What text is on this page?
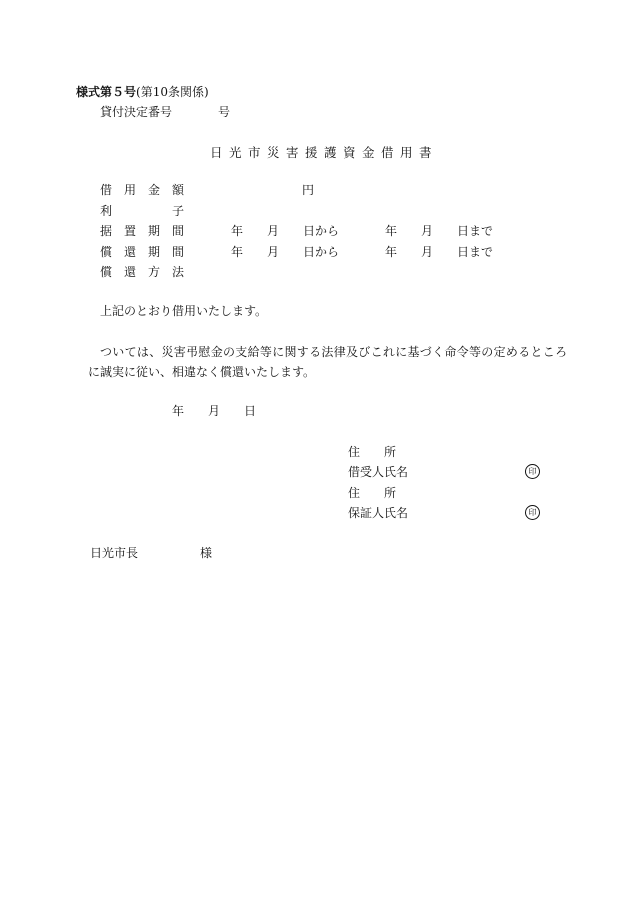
様式第５号(第10条関係)
貸付決定番号	号
日光市災害援護資金借用書
借用金額	円
利子
据置期間	年 月 日から	年 月 日まで
償還期間	年 月 日から	年 月 日まで
償還方法
上記のとおり借用いたします。
ついては、災害弔慰金の支給等に関する法律及びこれに基づく命令等の定めるところ
に誠実に従い、相違なく償還いたします。
年 月 日
住　　所
借受人氏名	印
住　　所
保証人氏名	印
日光市長	様
